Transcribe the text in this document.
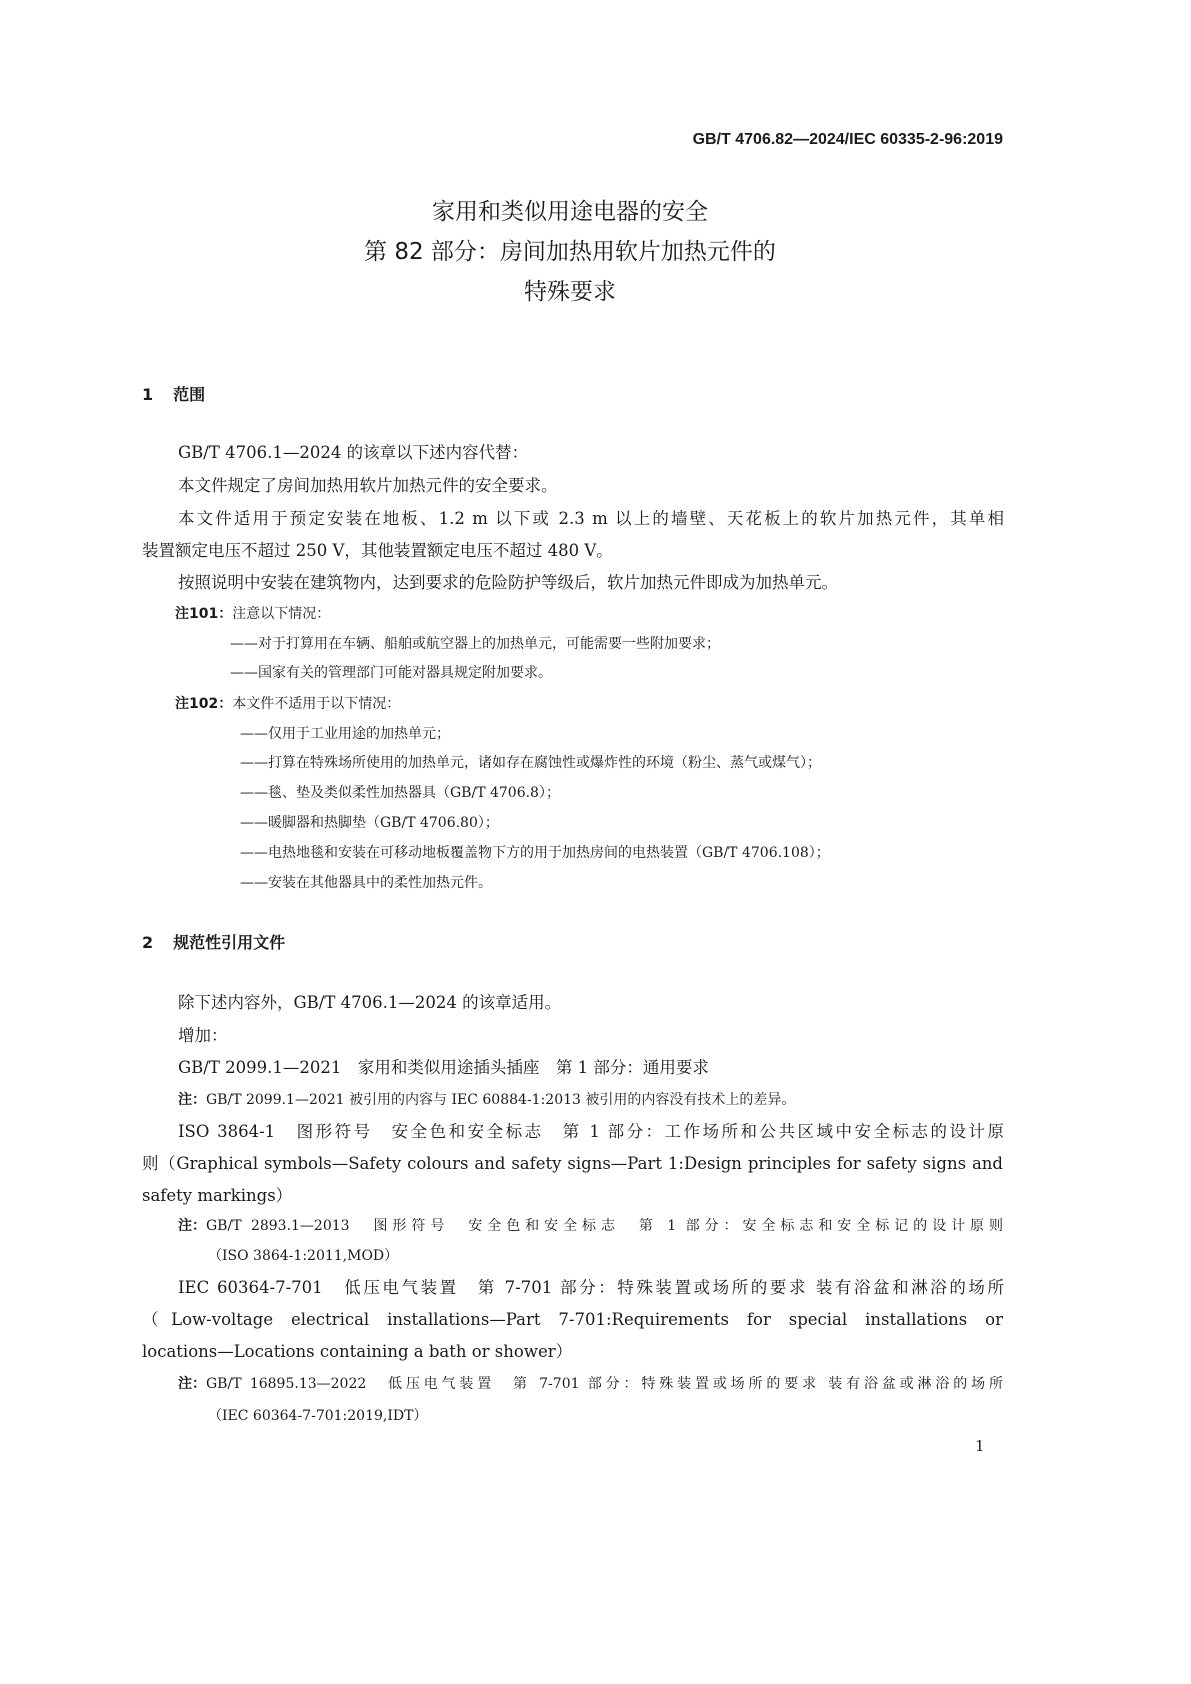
GB/T 4706.82—2024/IEC 60335-2-96:2019
家用和类似用途电器的安全
第 82 部分：房间加热用软片加热元件的
特殊要求
1 范围
GB/T 4706.1—2024 的该章以下述内容代替：
本文件规定了房间加热用软片加热元件的安全要求。
本文件适用于预定安装在地板、1.2 m 以下或 2.3 m 以上的墙壁、天花板上的软片加热元件，其单相
装置额定电压不超过 250 V，其他装置额定电压不超过 480 V。
按照说明中安装在建筑物内，达到要求的危险防护等级后，软片加热元件即成为加热单元。
注101：注意以下情况：
——对于打算用在车辆、船舶或航空器上的加热单元，可能需要一些附加要求；
——国家有关的管理部门可能对器具规定附加要求。
注102：本文件不适用于以下情况：
——仅用于工业用途的加热单元；
——打算在特殊场所使用的加热单元，诸如存在腐蚀性或爆炸性的环境（粉尘、蒸气或煤气）；
——毯、垫及类似柔性加热器具（GB/T 4706.8）；
——暖脚器和热脚垫（GB/T 4706.80）；
——电热地毯和安装在可移动地板覆盖物下方的用于加热房间的电热装置（GB/T 4706.108）；
——安装在其他器具中的柔性加热元件。
2 规范性引用文件
除下述内容外，GB/T 4706.1—2024 的该章适用。
增加：
GB/T 2099.1—2021　家用和类似用途插头插座　第 1 部分：通用要求
注：GB/T 2099.1—2021 被引用的内容与 IEC 60884-1:2013 被引用的内容没有技术上的差异。
ISO 3864-1　图形符号　安全色和安全标志　第 1 部分：工作场所和公共区域中安全标志的设计原
则（Graphical symbols—Safety colours and safety signs—Part 1:Design principles for safety signs and
safety markings）
注： GB/T 2893.1—2013　图形符号　安全色和安全标志　第 1 部分：安全标志和安全标记的设计原则
（ISO 3864-1:2011,MOD）
IEC 60364-7-701　低压电气装置　第 7-701 部分：特殊装置或场所的要求 装有浴盆和淋浴的场所
（Low-voltage electrical installations—Part 7-701:Requirements for special installations or
locations—Locations containing a bath or shower）
注： GB/T 16895.13—2022　低压电气装置　第 7-701 部分：特殊装置或场所的要求 装有浴盆或淋浴的场所
（IEC 60364-7-701:2019,IDT）
1
